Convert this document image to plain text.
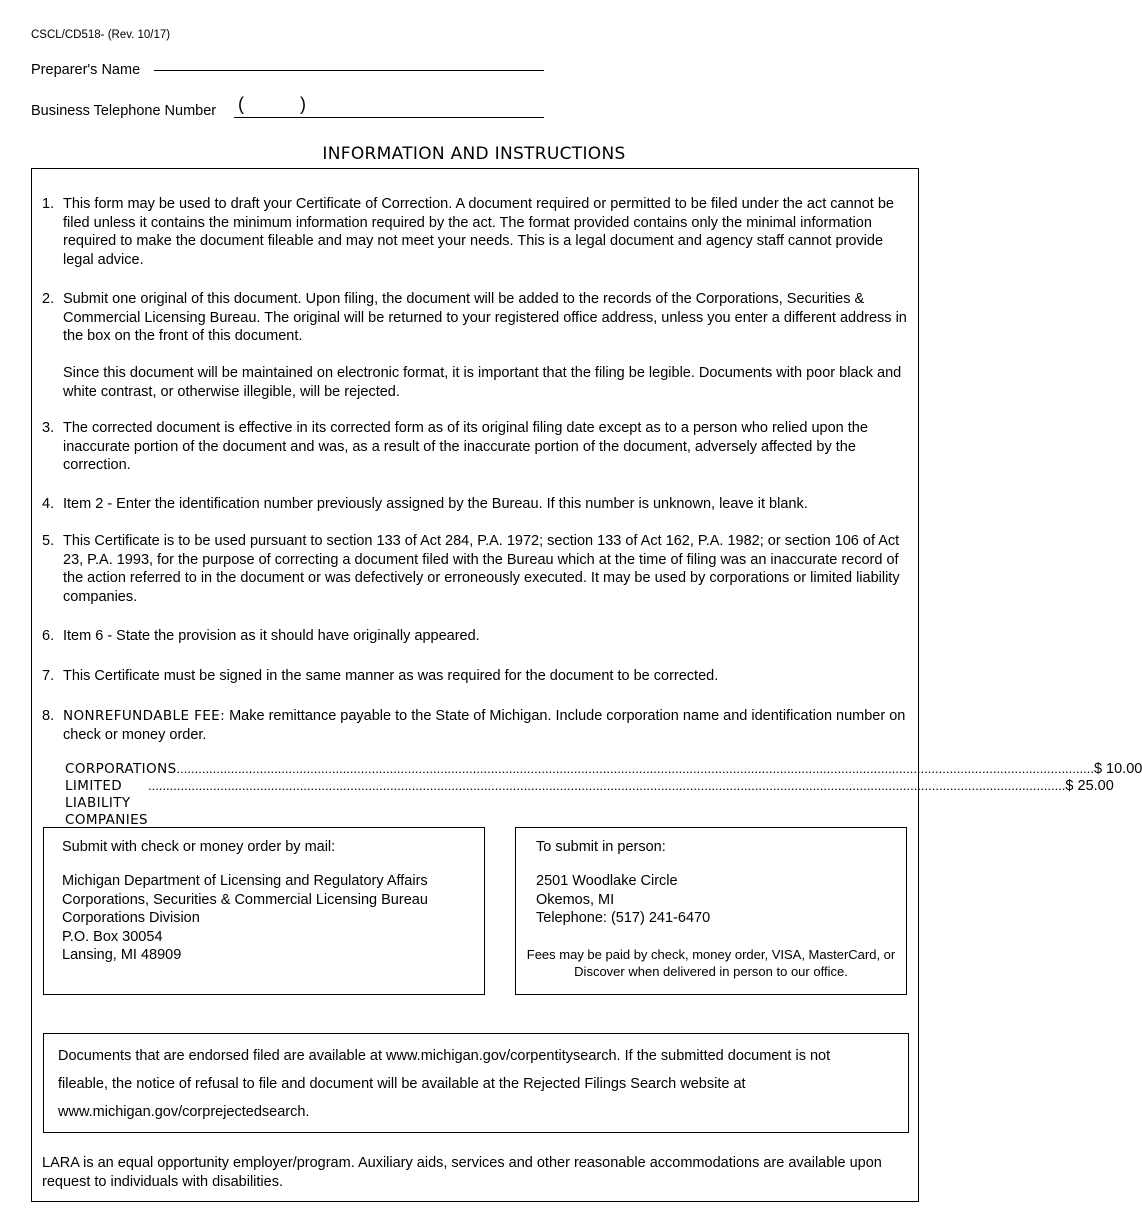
CSCL/CD518- (Rev. 10/17)
Preparer's Name
Business Telephone Number (	)
INFORMATION AND INSTRUCTIONS
1. This form may be used to draft your Certificate of Correction. A document required or permitted to be filed under the act cannot be filed unless it contains the minimum information required by the act. The format provided contains only the minimal information required to make the document fileable and may not meet your needs. This is a legal document and agency staff cannot provide legal advice.
2. Submit one original of this document. Upon filing, the document will be added to the records of the Corporations, Securities & Commercial Licensing Bureau. The original will be returned to your registered office address, unless you enter a different address in the box on the front of this document.
Since this document will be maintained on electronic format, it is important that the filing be legible. Documents with poor black and white contrast, or otherwise illegible, will be rejected.
3. The corrected document is effective in its corrected form as of its original filing date except as to a person who relied upon the inaccurate portion of the document and was, as a result of the inaccurate portion of the document, adversely affected by the correction.
4. Item 2 - Enter the identification number previously assigned by the Bureau. If this number is unknown, leave it blank.
5. This Certificate is to be used pursuant to section 133 of Act 284, P.A. 1972; section 133 of Act 162, P.A. 1982; or section 106 of Act 23, P.A. 1993, for the purpose of correcting a document filed with the Bureau which at the time of filing was an inaccurate record of the action referred to in the document or was defectively or erroneously executed. It may be used by corporations or limited liability companies.
6. Item 6 - State the provision as it should have originally appeared.
7. This Certificate must be signed in the same manner as was required for the document to be corrected.
8. NONREFUNDABLE FEE: Make remittance payable to the State of Michigan. Include corporation name and identification number on check or money order.
CORPORATIONS .............................................................................................................................................................................................................................................................. $ 10.00
LIMITED LIABILITY COMPANIES
.............................................................................................................................................................................................................................................................. $ 25.00
Submit with check or money order by mail:
Michigan Department of Licensing and Regulatory Affairs
Corporations, Securities & Commercial Licensing Bureau
Corporations Division
P.O. Box 30054
Lansing, MI 48909
To submit in person:
2501 Woodlake Circle
Okemos, MI
Telephone: (517) 241-6470
Fees may be paid by check, money order, VISA, MasterCard, or Discover when delivered in person to our office.
Documents that are endorsed filed are available at www.michigan.gov/corpentitysearch. If the submitted document is not fileable, the notice of refusal to file and document will be available at the Rejected Filings Search website at www.michigan.gov/corprejectedsearch.
LARA is an equal opportunity employer/program. Auxiliary aids, services and other reasonable accommodations are available upon request to individuals with disabilities.
